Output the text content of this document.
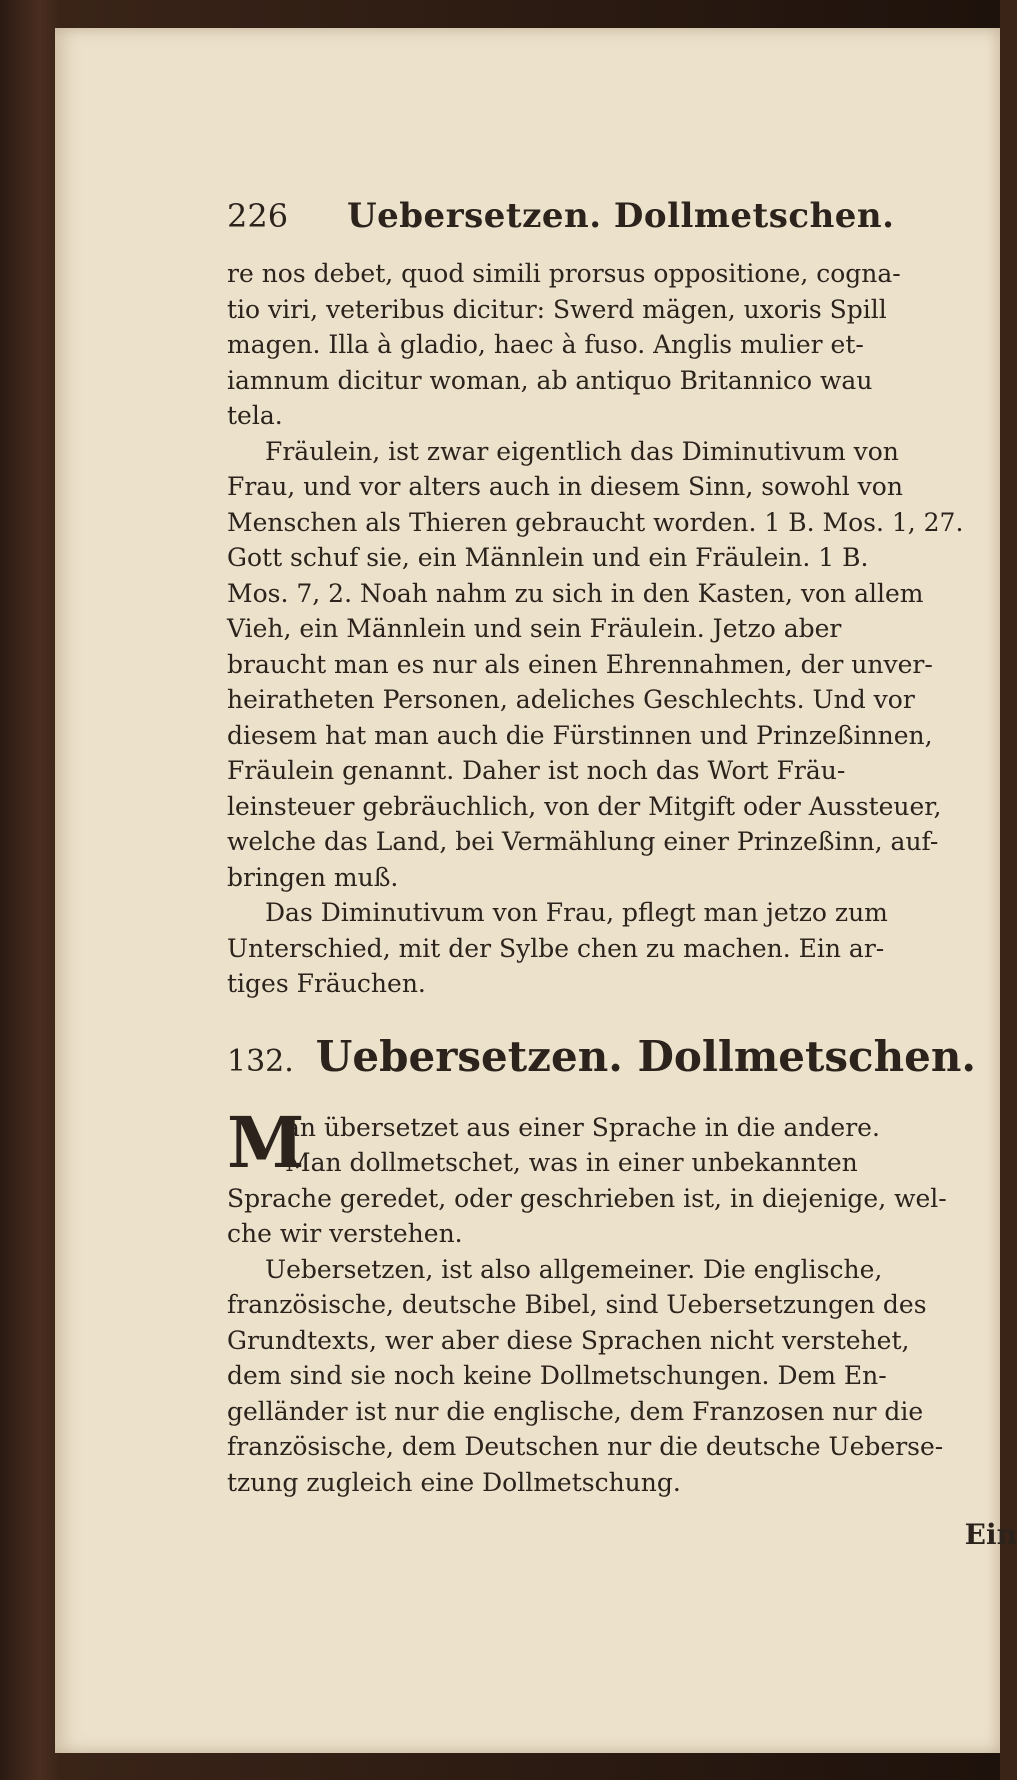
226	Uebersetzen. Dollmetschen.
re nos debet, quod simili prorsus oppositione, cogna-
tio viri, veteribus dicitur: Swerd mägen, uxoris Spill
magen. Illa à gladio, haec à fuso. Anglis mulier et-
iamnum dicitur woman, ab antiquo Britannico wau
tela.
Fräulein, ist zwar eigentlich das Diminutivum von
Frau, und vor alters auch in diesem Sinn, sowohl von
Menschen als Thieren gebraucht worden. 1 B. Mos. 1, 27.
Gott schuf sie, ein Männlein und ein Fräulein. 1 B.
Mos. 7, 2. Noah nahm zu sich in den Kasten, von allem
Vieh, ein Männlein und sein Fräulein. Jetzo aber
braucht man es nur als einen Ehrennahmen, der unver-
heiratheten Personen, adeliches Geschlechts. Und vor
diesem hat man auch die Fürstinnen und Prinzeßinnen,
Fräulein genannt. Daher ist noch das Wort Fräu-
leinsteuer gebräuchlich, von der Mitgift oder Aussteuer,
welche das Land, bei Vermählung einer Prinzeßinn, auf-
bringen muß.
Das Diminutivum von Frau, pflegt man jetzo zum
Unterschied, mit der Sylbe chen zu machen. Ein ar-
tiges Fräuchen.
132. Uebersetzen. Dollmetschen.
M
an übersetzet aus einer Sprache in die andere.
Man dollmetschet, was in einer unbekannten
Sprache geredet, oder geschrieben ist, in diejenige, wel-
che wir verstehen.
Uebersetzen, ist also allgemeiner. Die englische,
französische, deutsche Bibel, sind Uebersetzungen des
Grundtexts, wer aber diese Sprachen nicht verstehet,
dem sind sie noch keine Dollmetschungen. Dem En-
gelländer ist nur die englische, dem Franzosen nur die
französische, dem Deutschen nur die deutsche Ueberse-
tzung zugleich eine Dollmetschung.
Ein
